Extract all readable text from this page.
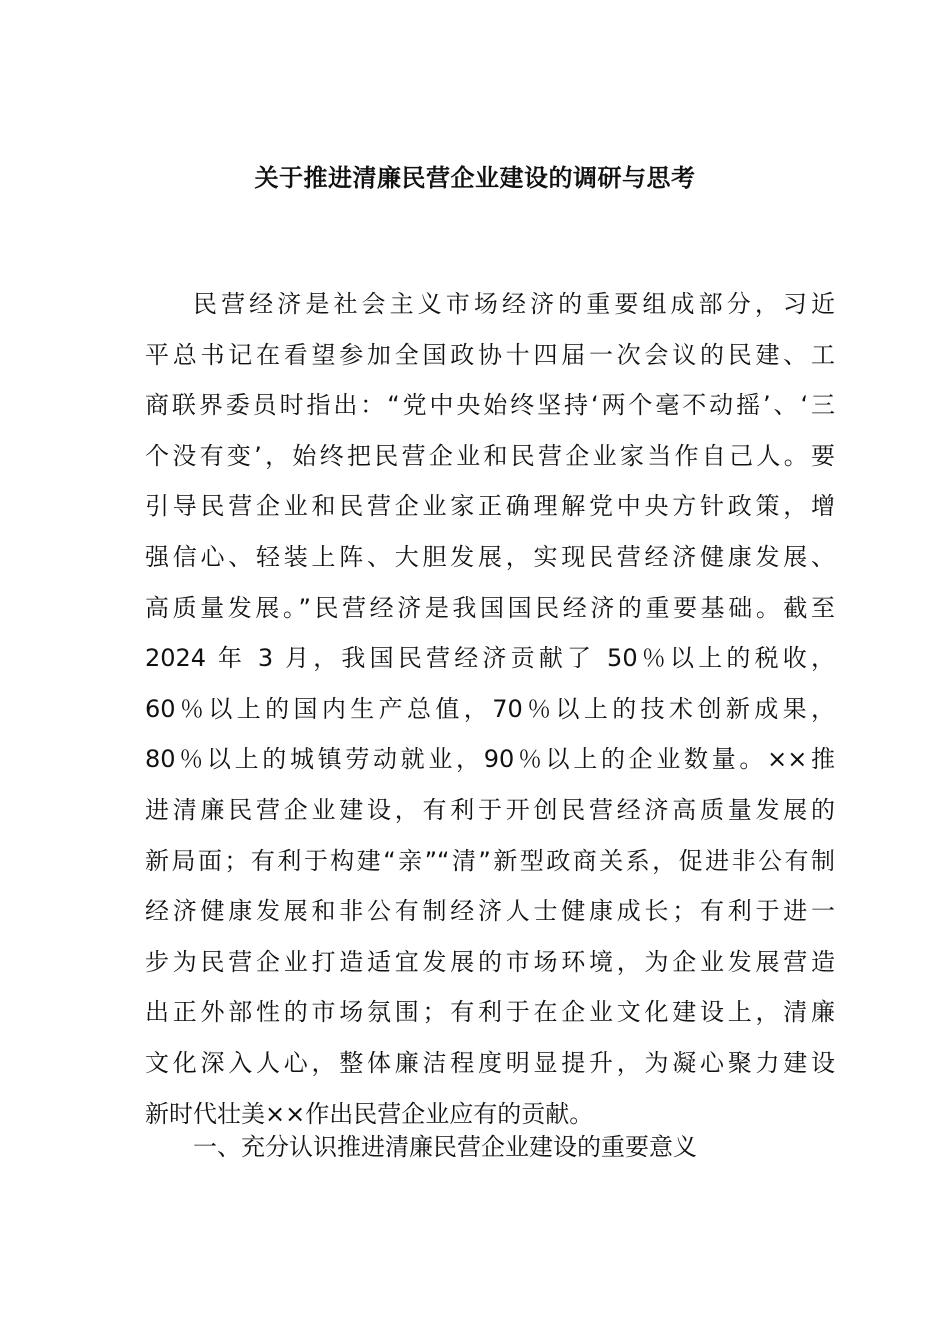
关于推进清廉民营企业建设的调研与思考
民营经济是社会主义市场经济的重要组成部分，习近
平总书记在看望参加全国政协十四届一次会议的民建、工
商联界委员时指出：“党中央始终坚持‘两个毫不动摇’、‘三
个没有变’，始终把民营企业和民营企业家当作自己人。要
引导民营企业和民营企业家正确理解党中央方针政策，增
强信心、轻装上阵、大胆发展，实现民营经济健康发展、
高质量发展。”民营经济是我国国民经济的重要基础。截至
2024 年 3 月，我国民营经济贡献了 50％以上的税收，
60％以上的国内生产总值，70％以上的技术创新成果，
80％以上的城镇劳动就业，90％以上的企业数量。××推
进清廉民营企业建设，有利于开创民营经济高质量发展的
新局面；有利于构建“亲”“清”新型政商关系，促进非公有制
经济健康发展和非公有制经济人士健康成长；有利于进一
步为民营企业打造适宜发展的市场环境，为企业发展营造
出正外部性的市场氛围；有利于在企业文化建设上，清廉
文化深入人心，整体廉洁程度明显提升，为凝心聚力建设
新时代壮美××作出民营企业应有的贡献。
一、充分认识推进清廉民营企业建设的重要意义
